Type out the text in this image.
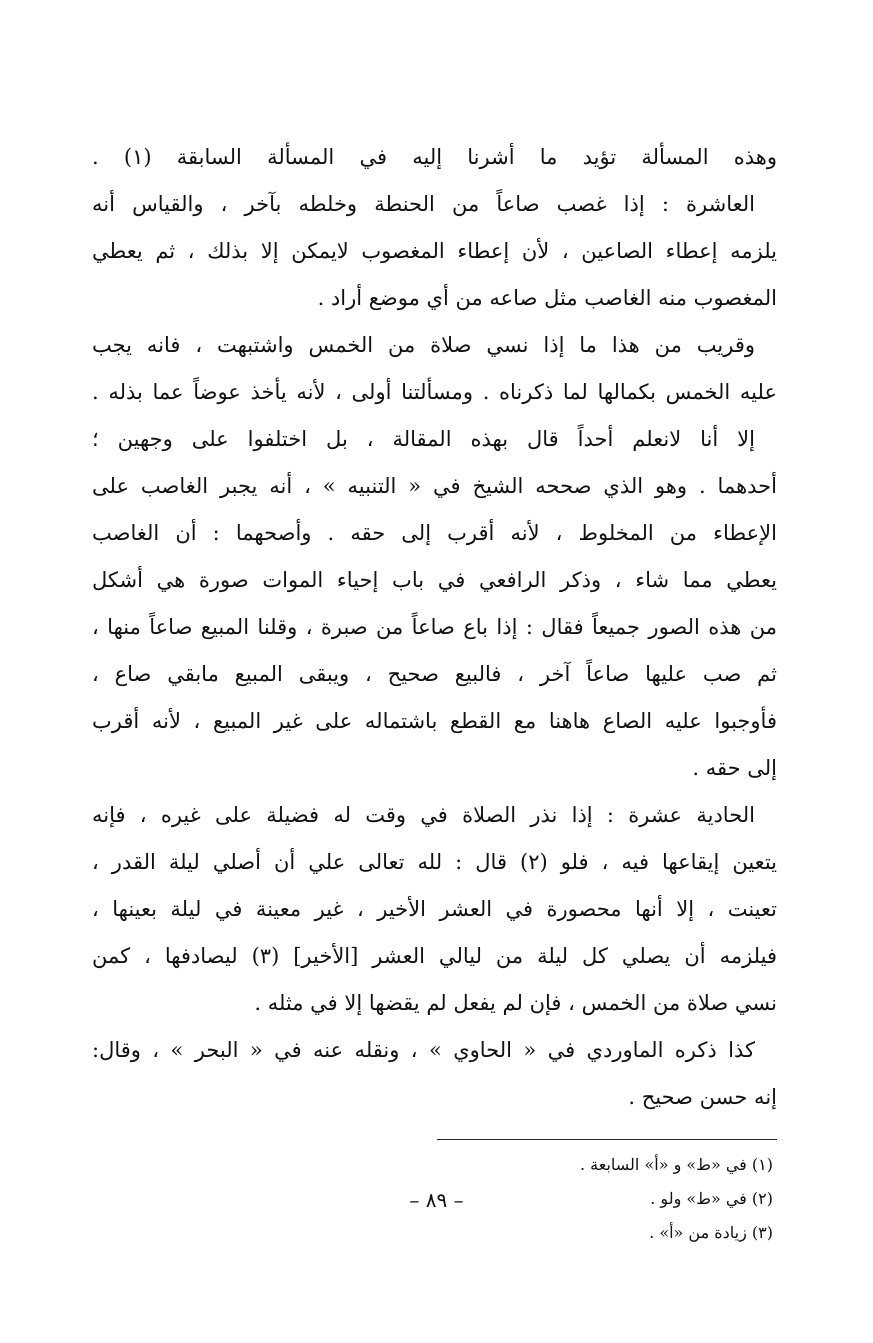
وهذه المسألة تؤيد ما أشرنا إليه في المسألة السابقة (١) .
العاشرة : إذا غصب صاعاً من الحنطة وخلطه بآخر ، والقياس أنه
يلزمه إعطاء الصاعين ، لأن إعطاء المغصوب لايمكن إلا بذلك ، ثم يعطي
المغصوب منه الغاصب مثل صاعه من أي موضع أراد .
وقريب من هذا ما إذا نسي صلاة من الخمس واشتبهت ، فانه يجب
عليه الخمس بكمالها لما ذكرناه . ومسألتنا أولى ، لأنه يأخذ عوضاً عما بذله .
إلا أنا لانعلم أحداً قال بهذه المقالة ، بل اختلفوا على وجهين ؛
أحدهما . وهو الذي صححه الشيخ في « التنبيه » ، أنه يجبر الغاصب على
الإعطاء من المخلوط ، لأنه أقرب إلى حقه . وأصحهما : أن الغاصب
يعطي مما شاء ، وذكر الرافعي في باب إحياء الموات صورة هي أشكل
من هذه الصور جميعاً فقال : إذا باع صاعاً من صبرة ، وقلنا المبيع صاعاً منها ،
ثم صب عليها صاعاً آخر ، فالبيع صحيح ، ويبقى المبيع مابقي صاع ،
فأوجبوا عليه الصاع هاهنا مع القطع باشتماله على غير المبيع ، لأنه أقرب
إلى حقه .
الحادية عشرة : إذا نذر الصلاة في وقت له فضيلة على غيره ، فإنه
يتعين إيقاعها فيه ، فلو (٢) قال : لله تعالى علي أن أصلي ليلة القدر ،
تعينت ، إلا أنها محصورة في العشر الأخير ، غير معينة في ليلة بعينها ،
فيلزمه أن يصلي كل ليلة من ليالي العشر [الأخير] (٣) ليصادفها ، كمن
نسي صلاة من الخمس ، فإن لم يفعل لم يقضها إلا في مثله .
كذا ذكره الماوردي في « الحاوي » ، ونقله عنه في « البحر » ، وقال:
إنه حسن صحيح .
(١) في «ط» و «أ» السابعة .
(٢) في «ط» ولو .
(٣) زيادة من «أ» .
– ٨٩ –
